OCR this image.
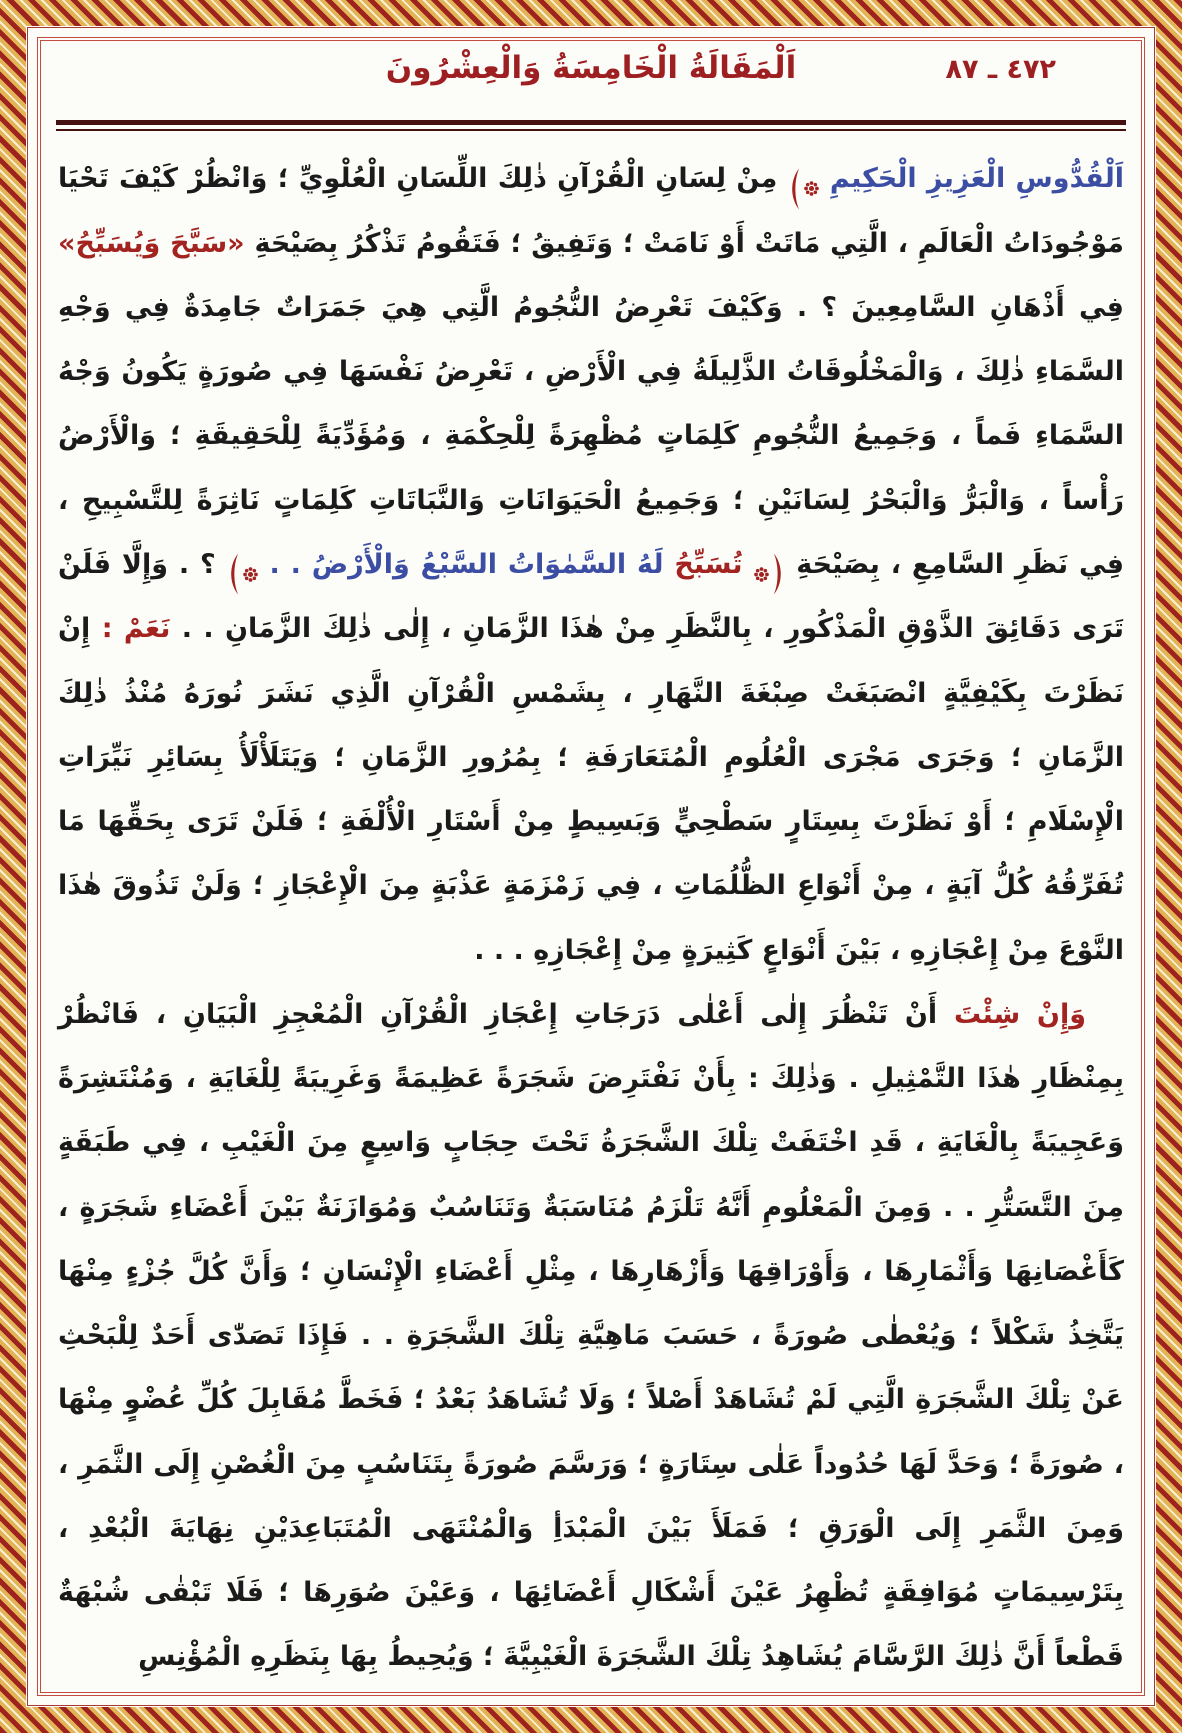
اَلْمَقَالَةُ الْخَامِسَةُ وَالْعِشْرُونَ	٤٧٢ ـ ٨٧

اَلْقُدُّوسِ الْعَزِيزِ الْحَكِيمِ  مِنْ لِسَانِ الْقُرْآنِ ذٰلِكَ اللِّسَانِ الْعُلْوِيِّ ؛ وَانْظُرْ كَيْفَ تَحْيَا مَوْجُودَاتُ الْعَالَمِ ، الَّتِي مَاتَتْ أَوْ نَامَتْ ؛ وَتَفِيقُ ؛ فَتَقُومُ تَذْكُرُ بِصَيْحَةِ «سَبَّحَ وَيُسَبِّحُ» فِي أَذْهَانِ السَّامِعِينَ ؟ . وَكَيْفَ تَعْرِضُ النُّجُومُ الَّتِي هِيَ جَمَرَاتٌ جَامِدَةٌ فِي وَجْهِ السَّمَاءِ ذٰلِكَ ، وَالْمَخْلُوقَاتُ الذَّلِيلَةُ فِي الْأَرْضِ ، تَعْرِضُ نَفْسَهَا فِي صُورَةٍ يَكُونُ وَجْهُ السَّمَاءِ فَماً ، وَجَمِيعُ النُّجُومِ كَلِمَاتٍ مُظْهِرَةً لِلْحِكْمَةِ ، وَمُؤَدِّيَةً لِلْحَقِيقَةِ ؛ وَالْأَرْضُ رَأْساً ، وَالْبَرُّ وَالْبَحْرُ لِسَانَيْنِ ؛ وَجَمِيعُ الْحَيَوَانَاتِ وَالنَّبَاتَاتِ كَلِمَاتٍ نَاثِرَةً لِلتَّسْبِيحِ ، فِي نَظَرِ السَّامِعِ ، بِصَيْحَةِ  تُسَبِّحُ لَهُ السَّمٰوَاتُ السَّبْعُ وَالْأَرْضُ . .  ؟ . وَإِلَّا فَلَنْ تَرَى دَقَائِقَ الذَّوْقِ الْمَذْكُورِ ، بِالنَّظَرِ مِنْ هٰذَا الزَّمَانِ ، إِلٰى ذٰلِكَ الزَّمَانِ . . نَعَمْ : إِنْ نَظَرْتَ بِكَيْفِيَّةٍ انْصَبَغَتْ صِبْغَةَ النَّهَارِ ، بِشَمْسِ الْقُرْآنِ الَّذِي نَشَرَ نُورَهُ مُنْذُ ذٰلِكَ الزَّمَانِ ؛ وَجَرَى مَجْرَى الْعُلُومِ الْمُتَعَارَفَةِ ؛ بِمُرُورِ الزَّمَانِ ؛ وَيَتَلَأْلَأُ بِسَائِرِ نَيِّرَاتِ الْإِسْلَامِ ؛ أَوْ نَظَرْتَ بِسِتَارٍ سَطْحِيٍّ وَبَسِيطٍ مِنْ أَسْتَارِ الْأُلْفَةِ ؛ فَلَنْ تَرَى بِحَقِّهَا مَا تُفَرِّقُهُ كُلُّ آيَةٍ ، مِنْ أَنْوَاعِ الظُّلُمَاتِ ، فِي زَمْزَمَةٍ عَذْبَةٍ مِنَ الْإِعْجَازِ ؛ وَلَنْ تَذُوقَ هٰذَا النَّوْعَ مِنْ إِعْجَازِهِ ، بَيْنَ أَنْوَاعٍ كَثِيرَةٍ مِنْ إِعْجَازِهِ . . .

وَإِنْ شِئْتَ أَنْ تَنْظُرَ إِلٰى أَعْلٰى دَرَجَاتِ إِعْجَازِ الْقُرْآنِ الْمُعْجِزِ الْبَيَانِ ، فَانْظُرْ بِمِنْظَارِ هٰذَا التَّمْثِيلِ . وَذٰلِكَ : بِأَنْ نَفْتَرِضَ شَجَرَةً عَظِيمَةً وَغَرِيبَةً لِلْغَايَةِ ، وَمُنْتَشِرَةً وَعَجِيبَةً بِالْغَايَةِ ، قَدِ اخْتَفَتْ تِلْكَ الشَّجَرَةُ تَحْتَ حِجَابٍ وَاسِعٍ مِنَ الْغَيْبِ ، فِي طَبَقَةٍ مِنَ التَّسَتُّرِ . . وَمِنَ الْمَعْلُومِ أَنَّهُ تَلْزَمُ مُنَاسَبَةٌ وَتَنَاسُبٌ وَمُوَازَنَةٌ بَيْنَ أَعْضَاءِ شَجَرَةٍ ، كَأَغْصَانِهَا وَأَثْمَارِهَا ، وَأَوْرَاقِهَا وَأَزْهَارِهَا ، مِثْلِ أَعْضَاءِ الْإِنْسَانِ ؛ وَأَنَّ كُلَّ جُزْءٍ مِنْهَا يَتَّخِذُ شَكْلاً ؛ وَيُعْطٰى صُورَةً ، حَسَبَ مَاهِيَّةِ تِلْكَ الشَّجَرَةِ . . فَإِذَا تَصَدّٰى أَحَدٌ لِلْبَحْثِ عَنْ تِلْكَ الشَّجَرَةِ الَّتِي لَمْ تُشَاهَدْ أَصْلاً ؛ وَلَا تُشَاهَدُ بَعْدُ ؛ فَخَطَّ مُقَابِلَ كُلِّ عُضْوٍ مِنْهَا ، صُورَةً ؛ وَحَدَّ لَهَا حُدُوداً عَلٰى سِتَارَةٍ ؛ وَرَسَّمَ صُورَةً بِتَنَاسُبٍ مِنَ الْغُصْنِ إِلَى الثَّمَرِ ، وَمِنَ الثَّمَرِ إِلَى الْوَرَقِ ؛ فَمَلَأَ بَيْنَ الْمَبْدَأِ وَالْمُنْتَهَى الْمُتَبَاعِدَيْنِ نِهَايَةَ الْبُعْدِ ، بِتَرْسِيمَاتٍ مُوَافِقَةٍ تُظْهِرُ عَيْنَ أَشْكَالِ أَعْضَائِهَا ، وَعَيْنَ صُوَرِهَا ؛ فَلَا تَبْقٰى شُبْهَةٌ قَطْعاً أَنَّ ذٰلِكَ الرَّسَّامَ يُشَاهِدُ تِلْكَ الشَّجَرَةَ الْغَيْبِيَّةَ ؛ وَيُحِيطُ بِهَا بِنَظَرِهِ الْمُؤْنِسِ
